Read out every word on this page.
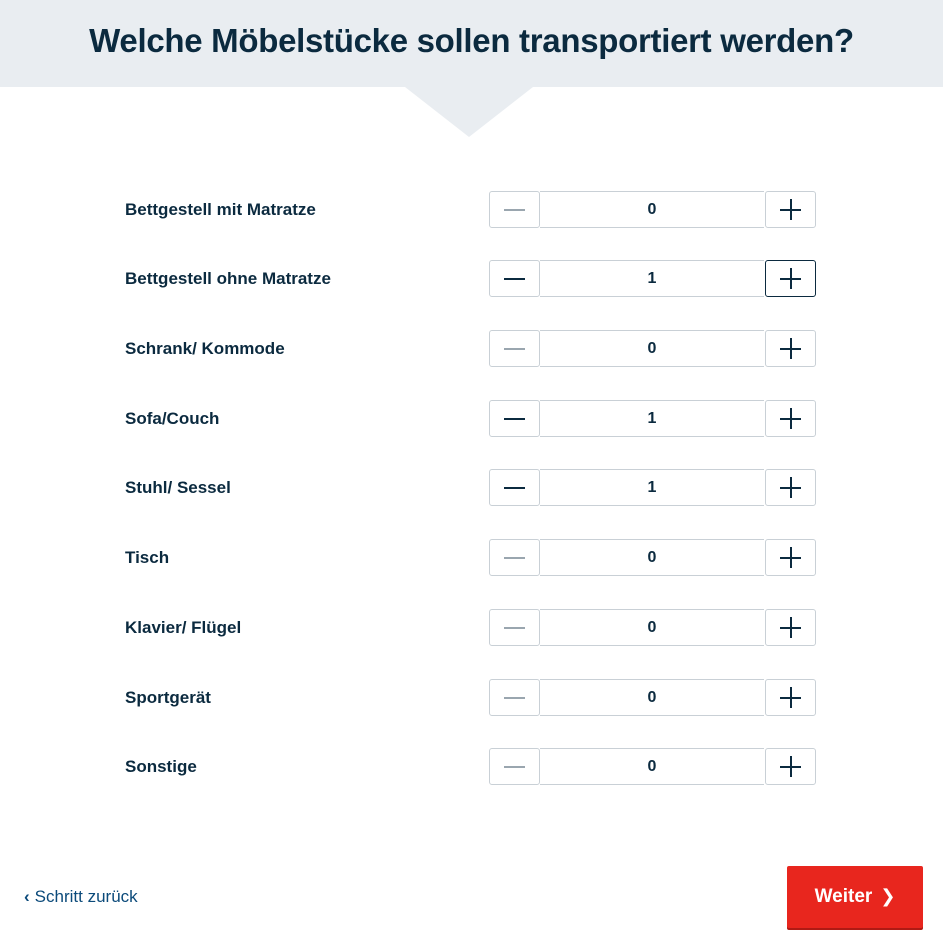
Welche Möbelstücke sollen transportiert werden?
Bettgestell mit Matratze	0
Bettgestell ohne Matratze	1
Schrank/ Kommode	0
Sofa/Couch	1
Stuhl/ Sessel	1
Tisch	0
Klavier/ Flügel	0
Sportgerät	0
Sonstige	0
‹ Schritt zurück	Weiter ❯
